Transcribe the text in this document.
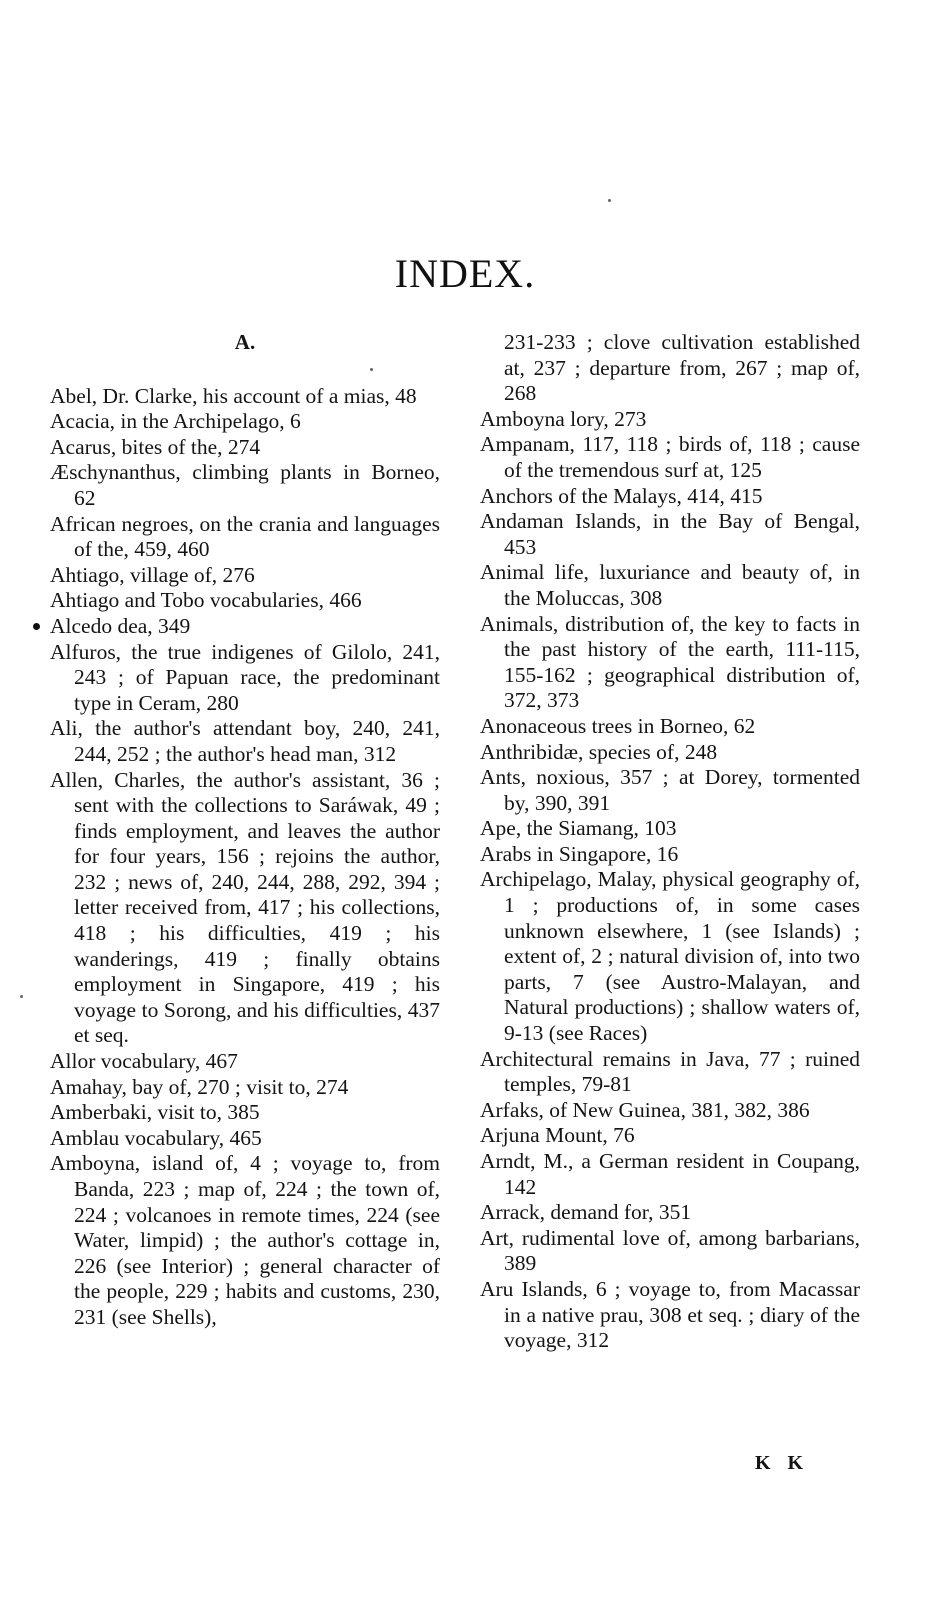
INDEX.
A.

Abel, Dr. Clarke, his account of a mias, 48

Acacia, in the Archipelago, 6

Acarus, bites of the, 274

Æschynanthus, climbing plants in Borneo, 62

African negroes, on the crania and languages of the, 459, 460

Ahtiago, village of, 276

Ahtiago and Tobo vocabularies, 466

Alcedo dea, 349

Alfuros, the true indigenes of Gilolo, 241, 243 ; of Papuan race, the predominant type in Ceram, 280

Ali, the author's attendant boy, 240, 241, 244, 252 ; the author's head man, 312

Allen, Charles, the author's assistant, 36 ; sent with the collections to Saráwak, 49 ; finds employment, and leaves the author for four years, 156 ; rejoins the author, 232 ; news of, 240, 244, 288, 292, 394 ; letter received from, 417 ; his collections, 418 ; his difficulties, 419 ; his wanderings, 419 ; finally obtains employment in Singapore, 419 ; his voyage to Sorong, and his difficulties, 437 et seq.

Allor vocabulary, 467

Amahay, bay of, 270 ; visit to, 274

Amberbaki, visit to, 385

Amblau vocabulary, 465

Amboyna, island of, 4 ; voyage to, from Banda, 223 ; map of, 224 ; the town of, 224 ; volcanoes in remote times, 224 (see Water, limpid) ; the author's cottage in, 226 (see Interior) ; general character of the people, 229 ; habits and customs, 230, 231 (see Shells),

231-233 ; clove cultivation established at, 237 ; departure from, 267 ; map of, 268

Amboyna lory, 273

Ampanam, 117, 118 ; birds of, 118 ; cause of the tremendous surf at, 125

Anchors of the Malays, 414, 415

Andaman Islands, in the Bay of Bengal, 453

Animal life, luxuriance and beauty of, in the Moluccas, 308

Animals, distribution of, the key to facts in the past history of the earth, 111-115, 155-162 ; geographical distribution of, 372, 373

Anonaceous trees in Borneo, 62

Anthribidæ, species of, 248

Ants, noxious, 357 ; at Dorey, tormented by, 390, 391

Ape, the Siamang, 103

Arabs in Singapore, 16

Archipelago, Malay, physical geography of, 1 ; productions of, in some cases unknown elsewhere, 1 (see Islands) ; extent of, 2 ; natural division of, into two parts, 7 (see Austro-Malayan, and Natural productions) ; shallow waters of, 9-13 (see Races)

Architectural remains in Java, 77 ; ruined temples, 79-81

Arfaks, of New Guinea, 381, 382, 386

Arjuna Mount, 76

Arndt, M., a German resident in Coupang, 142

Arrack, demand for, 351

Art, rudimental love of, among barbarians, 389

Aru Islands, 6 ; voyage to, from Macassar in a native prau, 308 et seq. ; diary of the voyage, 312

K K
